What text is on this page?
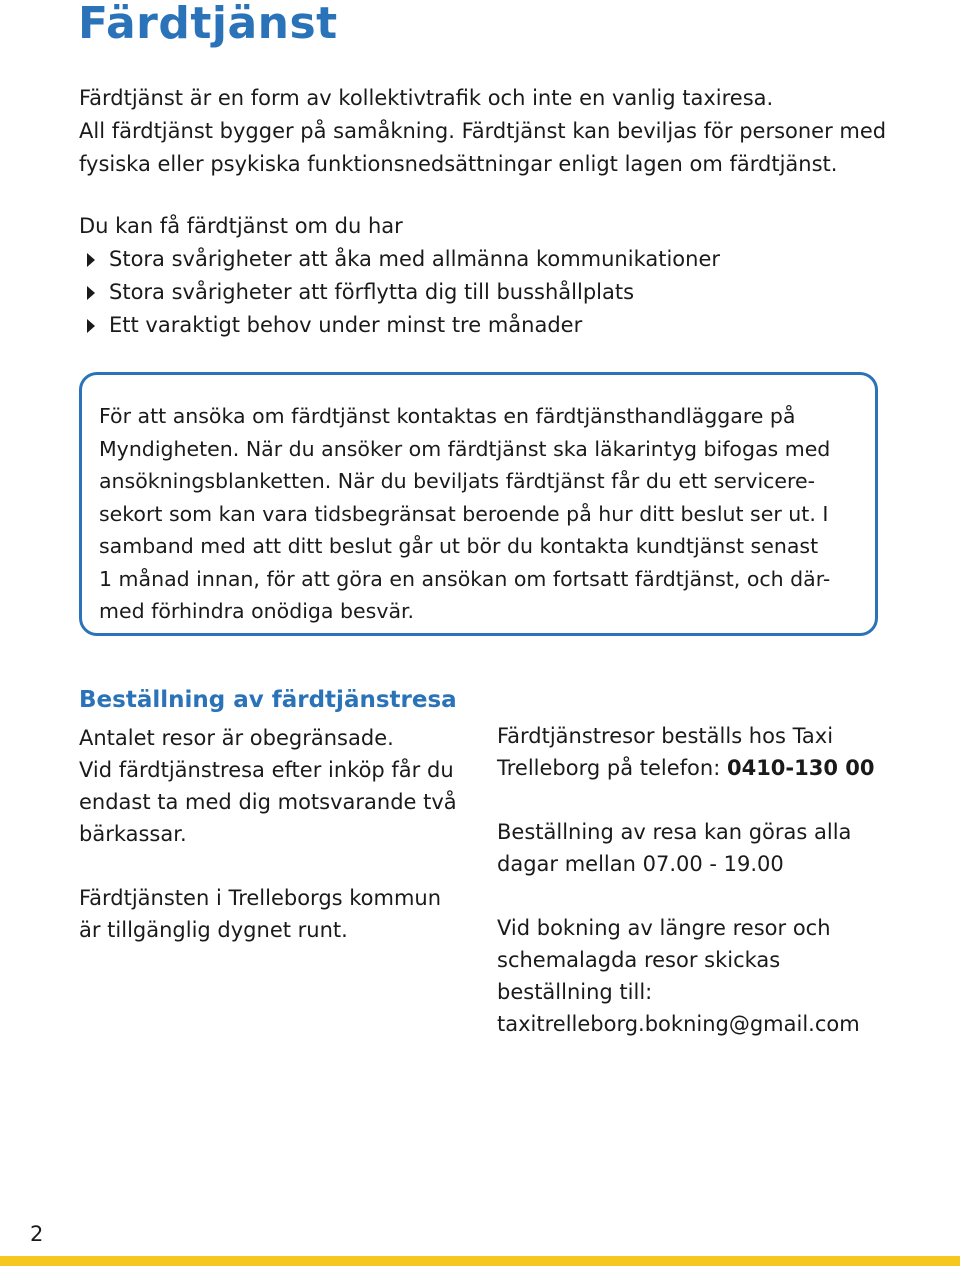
Färdtjänst
Färdtjänst är en form av kollektivtrafik och inte en vanlig taxiresa.
All färdtjänst bygger på samåkning. Färdtjänst kan beviljas för personer med
fysiska eller psykiska funktionsnedsättningar enligt lagen om färdtjänst.
Du kan få färdtjänst om du har
Stora svårigheter att åka med allmänna kommunikationer
Stora svårigheter att förflytta dig till busshållplats
Ett varaktigt behov under minst tre månader
För att ansöka om färdtjänst kontaktas en färdtjänsthandläggare på
Myndigheten. När du ansöker om färdtjänst ska läkarintyg bifogas med
ansökningsblanketten. När du beviljats färdtjänst får du ett servicere-
sekort som kan vara tidsbegränsat beroende på hur ditt beslut ser ut. I
samband med att ditt beslut går ut bör du kontakta kundtjänst senast
1 månad innan, för att göra en ansökan om fortsatt färdtjänst, och där-
med förhindra onödiga besvär.
Beställning av färdtjänstresa
Antalet resor är obegränsade.
Vid färdtjänstresa efter inköp får du
endast ta med dig motsvarande två
bärkassar.
Färdtjänsten i Trelleborgs kommun
är tillgänglig dygnet runt.
Färdtjänstresor beställs hos Taxi
Trelleborg på telefon: 0410-130 00
Beställning av resa kan göras alla
dagar mellan 07.00 - 19.00
Vid bokning av längre resor och
schemalagda resor skickas
beställning till:
taxitrelleborg.bokning@gmail.com
2
